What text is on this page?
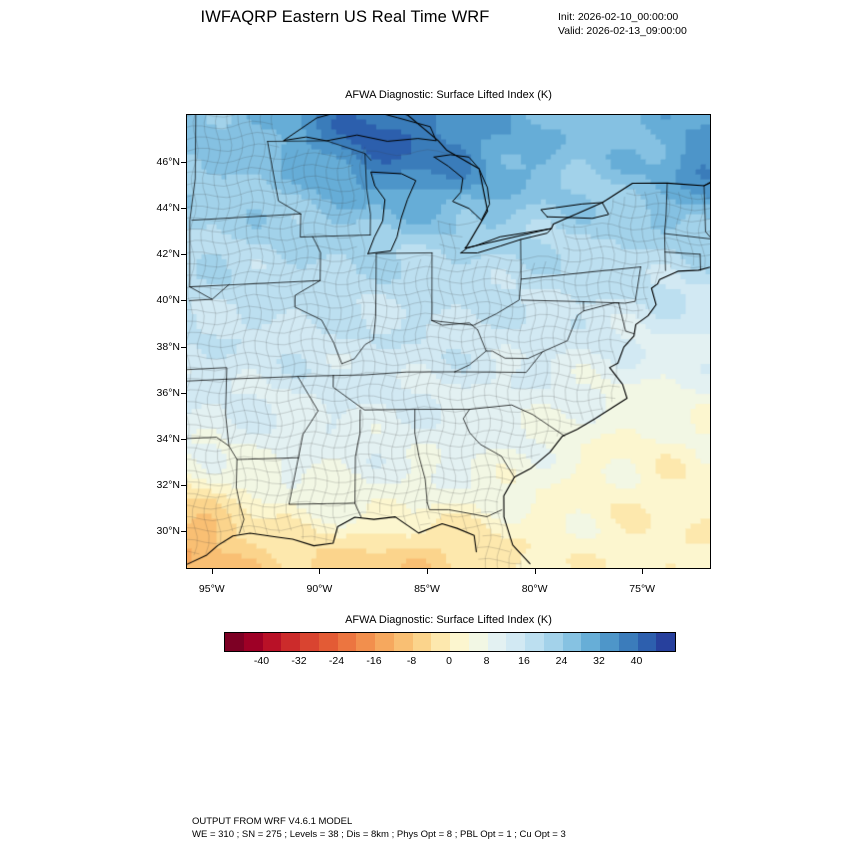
IWFAQRP Eastern US Real Time WRF	Init: 2026-02-10_00:00:00
Valid: 2026-02-13_09:00:00
AFWA Diagnostic: Surface Lifted Index (K)
30°N
32°N
34°N
36°N
38°N
40°N
42°N
44°N
46°N
95°W	90°W	85°W	80°W	75°W
AFWA Diagnostic: Surface Lifted Index (K)
-40	-32	-24	-16	-8	0	8	16	24	32	40
OUTPUT FROM WRF V4.6.1 MODEL
WE = 310 ; SN = 275 ; Levels = 38 ; Dis = 8km ; Phys Opt = 8 ; PBL Opt = 1 ; Cu Opt = 3
